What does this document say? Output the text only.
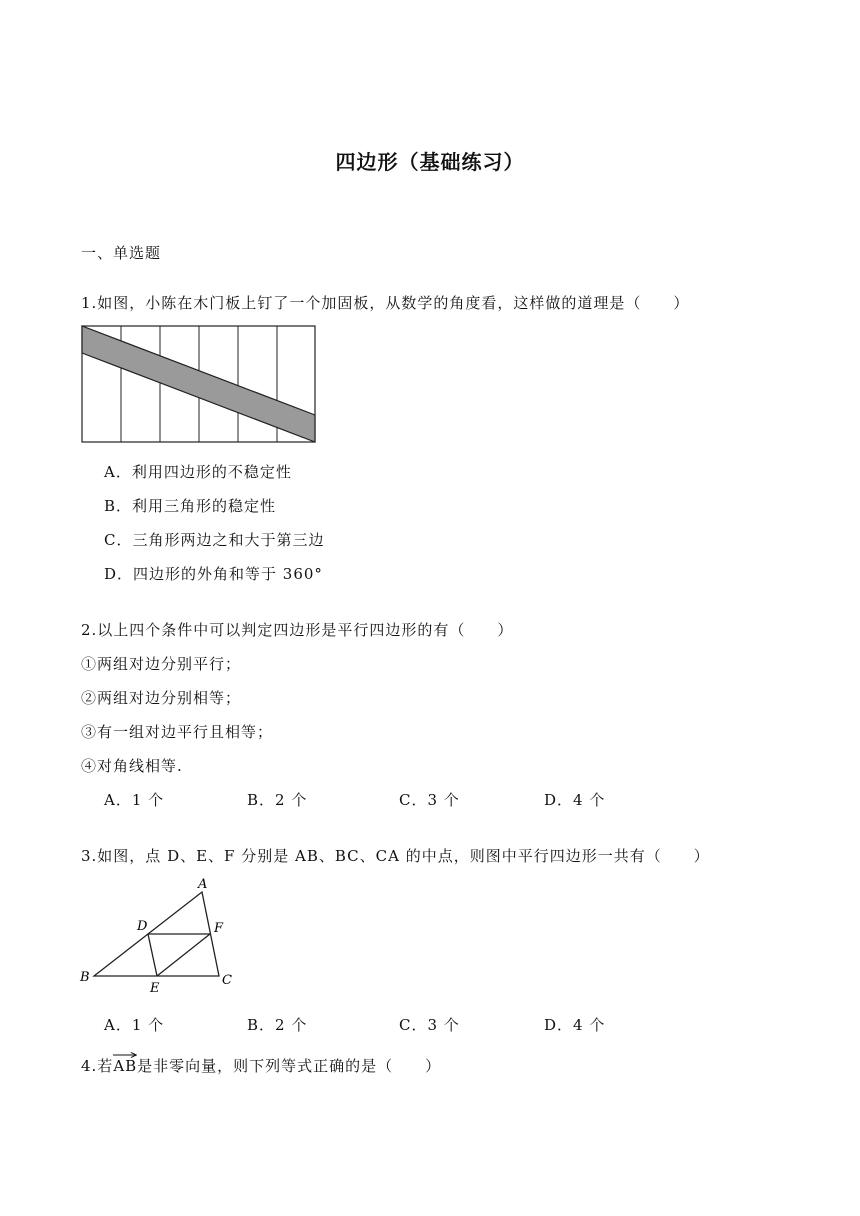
四边形（基础练习）
一、单选题
1.如图，小陈在木门板上钉了一个加固板，从数学的角度看，这样做的道理是（　　）
A．利用四边形的不稳定性
B．利用三角形的稳定性
C．三角形两边之和大于第三边
D．四边形的外角和等于 360°
2.以上四个条件中可以判定四边形是平行四边形的有（　　）
①两组对边分别平行；
②两组对边分别相等；
③有一组对边平行且相等；
④对角线相等.
A．1 个	B．2 个	C．3 个	D．4 个
3.如图，点 D、E、F 分别是 AB、BC、CA 的中点，则图中平行四边形一共有（　　）
A
B	C
D
E
F
A．1 个	B．2 个	C．3 个	D．4 个
4.若
AB是非零向量，则下列等式正确的是（　　）
